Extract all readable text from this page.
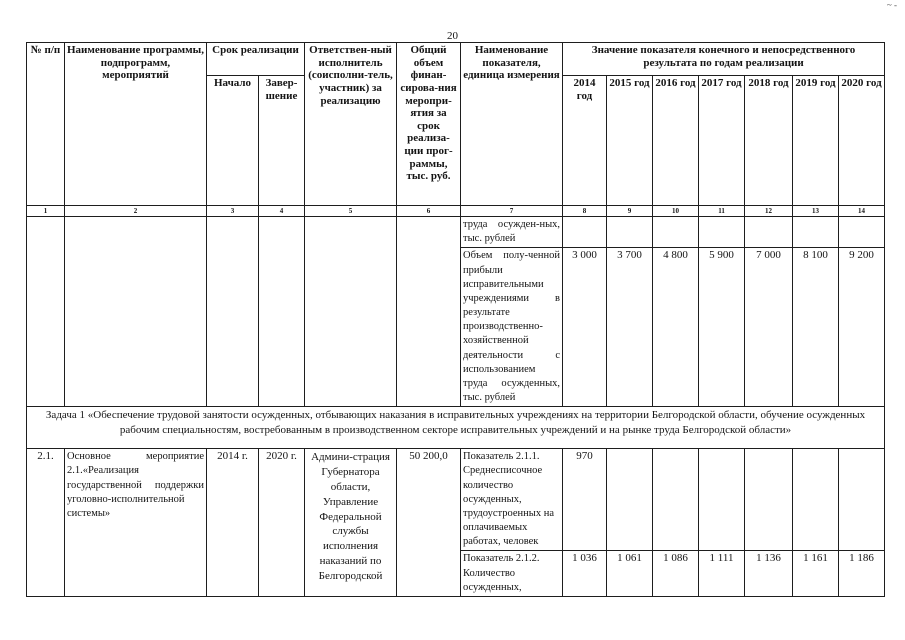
20
~ -
№ п/п	Наименование программы, подпрограмм, мероприятий	Срок реализации		Ответствен-ный исполнитель (соисполни-тель, участник) за реализацию	Общий объем финан-сирова-ния меропри-ятия за срок реализа-ции прог-раммы, тыс. руб.	Наименование показателя, единица измерения	Значение показателя конечного и непосредственного результата по годам реализации						
		Начало	Завер-шение				2014 год	2015 год	2016 год	2017 год	2018 год	2019 год	2020 год
1	2	3	4	5	6	7	8	9	10	11	12	13	14
						труда осужден-ных, тыс. рублей							
						Объем полу-ченной прибыли исправительными учреждениями в результате производственно-хозяйственной деятельности с использованием труда осужденных, тыс. рублей	3 000	3 700	4 800	5 900	7 000	8 100	9 200
Задача 1 «Обеспечение трудовой занятости осужденных, отбывающих наказания в исправительных учреждениях на территории Белгородской области, обучение осужденных рабочим специальностям, востребованным в производственном секторе исправительных учреждений и на рынке труда Белгородской области»													
2.1.	Основное мероприятие 2.1.«Реализация государственной поддержки уголовно-исполнительной системы»	2014 г.	2020 г.	Админи-страция Губернатора области, Управление Федеральной службы исполнения наказаний по Белгородской	50 200,0	Показатель 2.1.1. Среднесписочное количество осужденных, трудоустроенных на оплачиваемых работах, человек	970						
						Показатель 2.1.2. Количество осужденных,	1 036	1 061	1 086	1 111	1 136	1 161	1 186
